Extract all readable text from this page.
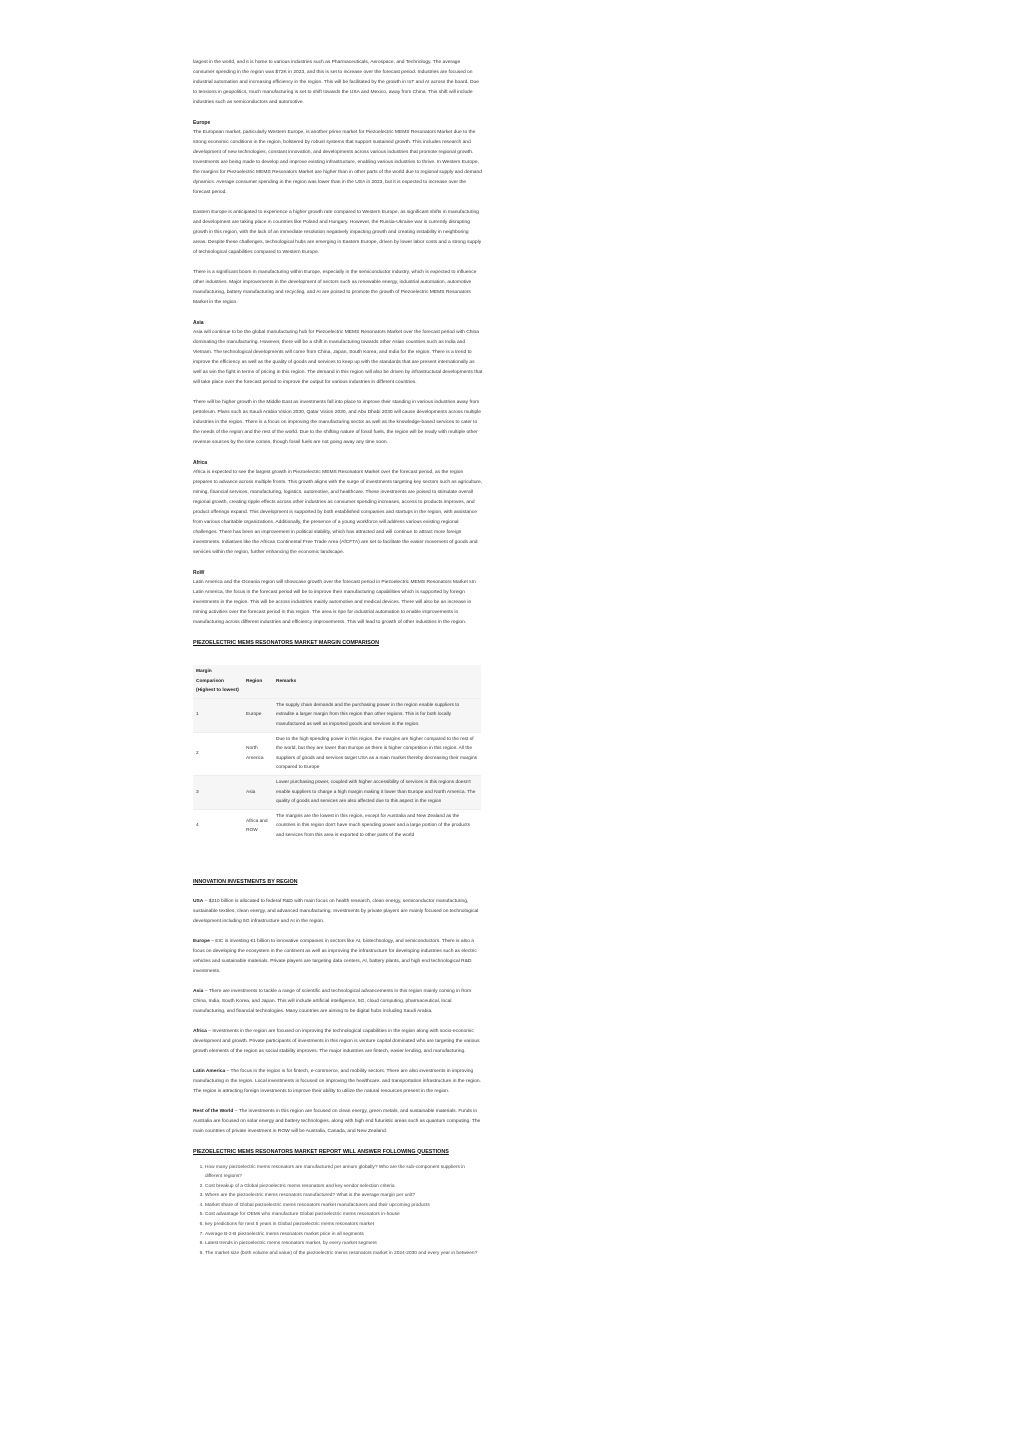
largest in the world, and it is home to various industries such as Pharmaceuticals, Aerospace, and Technology. The average consumer spending in the region was $72K in 2023, and this is set to increase over the forecast period. Industries are focused on industrial automation and increasing efficiency in the region. This will be facilitated by the growth in IoT and AI across the board. Due to tensions in geopolitics, much manufacturing is set to shift towards the USA and Mexico, away from China. This shift will include industries such as semiconductors and automotive.

Europe

The European market, particularly Western Europe, is another prime market for Piezoelectric MEMS Resonators Market due to the strong economic conditions in the region, bolstered by robust systems that support sustained growth. This includes research and development of new technologies, constant innovation, and developments across various industries that promote regional growth. Investments are being made to develop and improve existing infrastructure, enabling various industries to thrive. In Western Europe, the margins for Piezoelectric MEMS Resonators Market are higher than in other parts of the world due to regional supply and demand dynamics. Average consumer spending in the region was lower than in the USA in 2023, but it is expected to increase over the forecast period.

Eastern Europe is anticipated to experience a higher growth rate compared to Western Europe, as significant shifts in manufacturing and development are taking place in countries like Poland and Hungary. However, the Russia-Ukraine war is currently disrupting growth in this region, with the lack of an immediate resolution negatively impacting growth and creating instability in neighboring areas. Despite these challenges, technological hubs are emerging in Eastern Europe, driven by lower labor costs and a strong supply of technological capabilities compared to Western Europe.

There is a significant boom in manufacturing within Europe, especially in the semiconductor industry, which is expected to influence other industries. Major improvements in the development of sectors such as renewable energy, industrial automation, automotive manufacturing, battery manufacturing and recycling, and AI are poised to promote the growth of Piezoelectric MEMS Resonators Market in the region.

Asia

Asia will continue to be the global manufacturing hub for Piezoelectric MEMS Resonators Market over the forecast period with China dominating the manufacturing. However, there will be a shift in manufacturing towards other Asian countries such as India and Vietnam. The technological developments will come from China, Japan, South Korea, and India for the region. There is a trend to improve the efficiency as well as the quality of goods and services to keep up with the standards that are present internationally as well as win the fight in terms of pricing in this region. The demand in this region will also be driven by infrastructural developments that will take place over the forecast period to improve the output for various industries in different countries.

There will be higher growth in the Middle East as investments fall into place to improve their standing in various industries away from petroleum. Plans such as Saudi Arabia Vision 2030, Qatar Vision 2030, and Abu Dhabi 2030 will cause developments across multiple industries in the region. There is a focus on improving the manufacturing sector as well as the knowledge-based services to cater to the needs of the region and the rest of the world. Due to the shifting nature of fossil fuels, the region will be ready with multiple other revenue sources by the time comes, though fossil fuels are not going away any time soon.

Africa

Africa is expected to see the largest growth in Piezoelectric MEMS Resonators Market over the forecast period, as the region prepares to advance across multiple fronts. This growth aligns with the surge of investments targeting key sectors such as agriculture, mining, financial services, manufacturing, logistics, automotive, and healthcare. These investments are poised to stimulate overall regional growth, creating ripple effects across other industries as consumer spending increases, access to products improves, and product offerings expand. This development is supported by both established companies and startups in the region, with assistance from various charitable organizations. Additionally, the presence of a young workforce will address various existing regional challenges. There has been an improvement in political stability, which has attracted and will continue to attract more foreign investments. Initiatives like the African Continental Free Trade Area (AfCFTA) are set to facilitate the easier movement of goods and services within the region, further enhancing the economic landscape.

RoW

Latin America and the Oceania region will showcase growth over the forecast period in Piezoelectric MEMS Resonators Market sIn Latin America, the focus in the forecast period will be to improve their manufacturing capabilities which is supported by foreign investments in the region. This will be across industries mainly automotive and medical devices. There will also be an increase in mining activities over the forecast period in this region. The area is ripe for industrial automation to enable improvements in manufacturing across different industries and efficiency improvements. This will lead to growth of other industries in the region.

PIEZOELECTRIC MEMS RESONATORS MARKET MARGIN COMPARISON
Margin Comparison (Highest to lowest)	Region	Remarks
1	Europe	The supply chain demands and the purchasing power in the region enable suppliers to extradite a larger margin from this region than other regions. This is for both locally manufactured as well as imported goods and services in the region.
2	North America	Due to the high spending power in this region, the margins are higher compared to the rest of the world, but they are lower than Europe as there is higher competition in this region. All the suppliers of goods and services target USA as a main market thereby decreasing their margins compared to Europe
3	Asia	Lower purchasing power, coupled with higher accessibility of services in this regions doesn't enable suppliers to charge a high margin making it lower than Europe and North America. The quality of goods and services are also affected due to this aspect in the region
4	Africa and ROW	The margins are the lowest in this region, except for Australia and New Zealand as the countries in this region don't have much spending power and a large portion of the products and services from this area is exported to other parts of the world
INNOVATION INVESTMENTS BY REGION

USA – $210 billion is allocated to federal R&D with main focus on health research, clean energy, semiconductor manufacturing, sustainable textiles, clean energy, and advanced manufacturing. Investments by private players are mainly focused on technological development including 5G infrastructure and AI in the region.

Europe – EIC is investing €1 billion to innovative companies in sectors like AI, biotechnology, and semiconductors. There is also a focus on developing the ecosystem in the continent as well as improving the infrastructure for developing industries such as electric vehicles and sustainable materials. Private players are targeting data centers, AI, battery plants, and high end technological R&D investments.

Asia – There are investments to tackle a range of scientific and technological advancements in this region mainly coming in from China, India, South Korea, and Japan. This will include artificial intelligence, 5G, cloud computing, pharmaceutical, local manufacturing, and financial technologies. Many countries are aiming to be digital hubs including Saudi Arabia.

Africa – Investments in the region are focused on improving the technological capabilities in the region along with socio-economic development and growth. Private participants of investments in this region is venture capital dominated who are targeting the various growth elements of the region as social stability improves. The major industries are fintech, easier lending, and manufacturing.

Latin America – The focus in the region is for fintech, e-commerce, and mobility sectors. There are also investments in improving manufacturing in the region. Local investments is focused on improving the healthcare, and transportation infrastructure in the region. The region is attracting foreign investments to improve their ability to utilize the natural resources present in the region.

Rest of the World – The investments in this region are focused on clean energy, green metals, and sustainable materials. Funds in Australia are focused on solar energy and battery technologies, along with high end futuristic areas such as quantum computing. The main countries of private investment in ROW will be Australia, Canada, and New Zealand.

PIEZOELECTRIC MEMS RESONATORS MARKET REPORT WILL ANSWER FOLLOWING QUESTIONS
1. How many piezoelectric mems resonators are manufactured per annum globally? Who are the sub-component suppliers in different regions?
2. Cost breakup of a Global piezoelectric mems resonators and key vendor selection criteria
3. Where are the piezoelectric mems resonators manufactured? What is the average margin per unit?
4. Market share of Global piezoelectric mems resonators market manufacturers and their upcoming products
5. Cost advantage for OEMs who manufacture Global piezoelectric mems resonators in-house
6. key predictions for next 5 years in Global piezoelectric mems resonators market
7. Average B-2-B piezoelectric mems resonators market price in all segments
8. Latest trends in piezoelectric mems resonators market, by every market segment
9. The market size (both volume and value) of the piezoelectric mems resonators market in 2024-2030 and every year in between?
